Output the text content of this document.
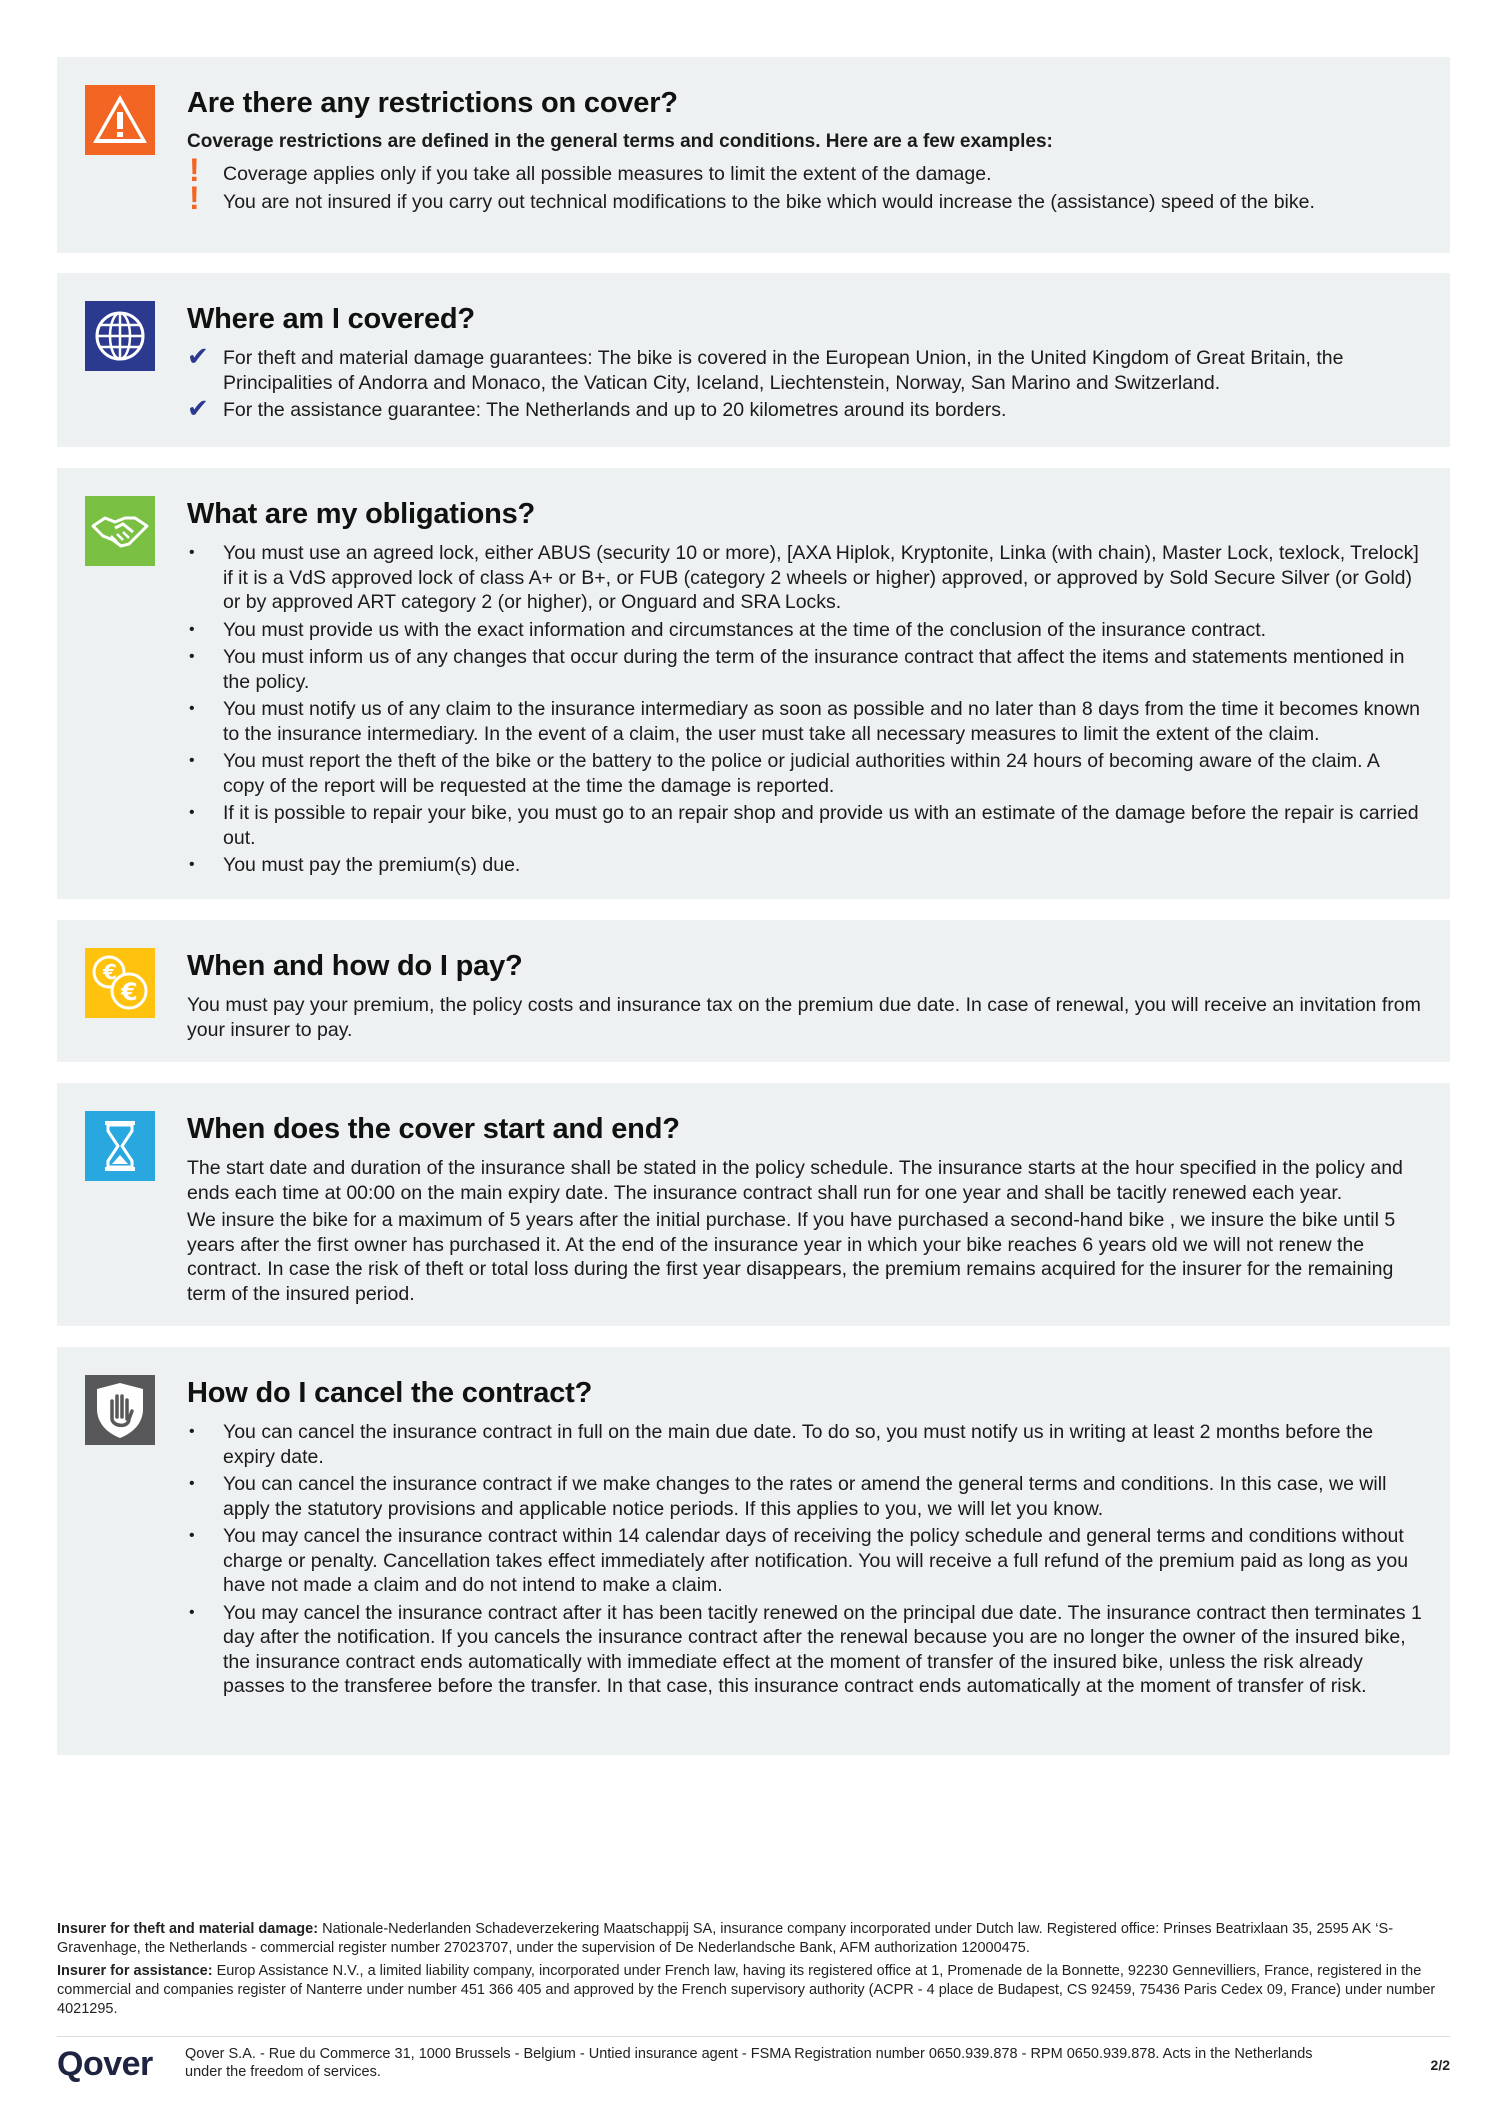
Are there any restrictions on cover?
Coverage restrictions are defined in the general terms and conditions. Here are a few examples:
!	Coverage applies only if you take all possible measures to limit the extent of the damage.
!	You are not insured if you carry out technical modifications to the bike which would increase the (assistance) speed of the bike.
Where am I covered?
✔ For theft and material damage guarantees: The bike is covered in the European Union, in the United Kingdom of Great Britain, the Principalities of Andorra and Monaco, the Vatican City, Iceland, Liechtenstein, Norway, San Marino and Switzerland.
✔ For the assistance guarantee: The Netherlands and up to 20 kilometres around its borders.
What are my obligations?
•	You must use an agreed lock, either ABUS (security 10 or more), [AXA Hiplok, Kryptonite, Linka (with chain), Master Lock, texlock, Trelock] if it is a VdS approved lock of class A+ or B+, or FUB (category 2 wheels or higher) approved, or approved by Sold Secure Silver (or Gold) or by approved ART category 2 (or higher), or Onguard and SRA Locks.
•	You must provide us with the exact information and circumstances at the time of the conclusion of the insurance contract.
•	You must inform us of any changes that occur during the term of the insurance contract that affect the items and statements mentioned in the policy.
•	You must notify us of any claim to the insurance intermediary as soon as possible and no later than 8 days from the time it becomes known to the insurance intermediary. In the event of a claim, the user must take all necessary measures to limit the extent of the claim.
•	You must report the theft of the bike or the battery to the police or judicial authorities within 24 hours of becoming aware of the claim. A copy of the report will be requested at the time the damage is reported.
•	If it is possible to repair your bike, you must go to an repair shop and provide us with an estimate of the damage before the repair is carried out.
•	You must pay the premium(s) due.
€
€
When and how do I pay?

You must pay your premium, the policy costs and insurance tax on the premium due date. In case of renewal, you will receive an invitation from your insurer to pay.

When does the cover start and end?

The start date and duration of the insurance shall be stated in the policy schedule. The insurance starts at the hour specified in the policy and ends each time at 00:00 on the main expiry date. The insurance contract shall run for one year and shall be tacitly renewed each year.

We insure the bike for a maximum of 5 years after the initial purchase. If you have purchased a second-hand bike , we insure the bike until 5 years after the first owner has purchased it. At the end of the insurance year in which your bike reaches 6 years old we will not renew the contract. In case the risk of theft or total loss during the first year disappears, the premium remains acquired for the insurer for the remaining term of the insured period.

How do I cancel the contract?
•	You can cancel the insurance contract in full on the main due date. To do so, you must notify us in writing at least 2 months before the expiry date.
•	You can cancel the insurance contract if we make changes to the rates or amend the general terms and conditions. In this case, we will apply the statutory provisions and applicable notice periods. If this applies to you, we will let you know.
•	You may cancel the insurance contract within 14 calendar days of receiving the policy schedule and general terms and conditions without charge or penalty. Cancellation takes effect immediately after notification. You will receive a full refund of the premium paid as long as you have not made a claim and do not intend to make a claim.
•	You may cancel the insurance contract after it has been tacitly renewed on the principal due date. The insurance contract then terminates 1 day after the notification. If you cancels the insurance contract after the renewal because you are no longer the owner of the insured bike, the insurance contract ends automatically with immediate effect at the moment of transfer of the insured bike, unless the risk already passes to the transferee before the transfer. In that case, this insurance contract ends automatically at the moment of transfer of risk.

Insurer for theft and material damage: Nationale-Nederlanden Schadeverzekering Maatschappij SA, insurance company incorporated under Dutch law. Registered office: Prinses Beatrixlaan 35, 2595 AK ‘S-Gravenhage, the Netherlands - commercial register number 27023707, under the supervision of De Nederlandsche Bank, AFM authorization 12000475.

Insurer for assistance: Europ Assistance N.V., a limited liability company, incorporated under French law, having its registered office at 1, Promenade de la Bonnette, 92230 Gennevilliers, France, registered in the commercial and companies register of Nanterre under number 451 366 405 and approved by the French supervisory authority (ACPR - 4 place de Budapest, CS 92459, 75436 Paris Cedex 09, France) under number 4021295.

Qover Qover S.A. - Rue du Commerce 31, 1000 Brussels - Belgium - Untied insurance agent - FSMA Registration number 0650.939.878 - RPM 0650.939.878. Acts in the Netherlands under the freedom of services.	2/2
